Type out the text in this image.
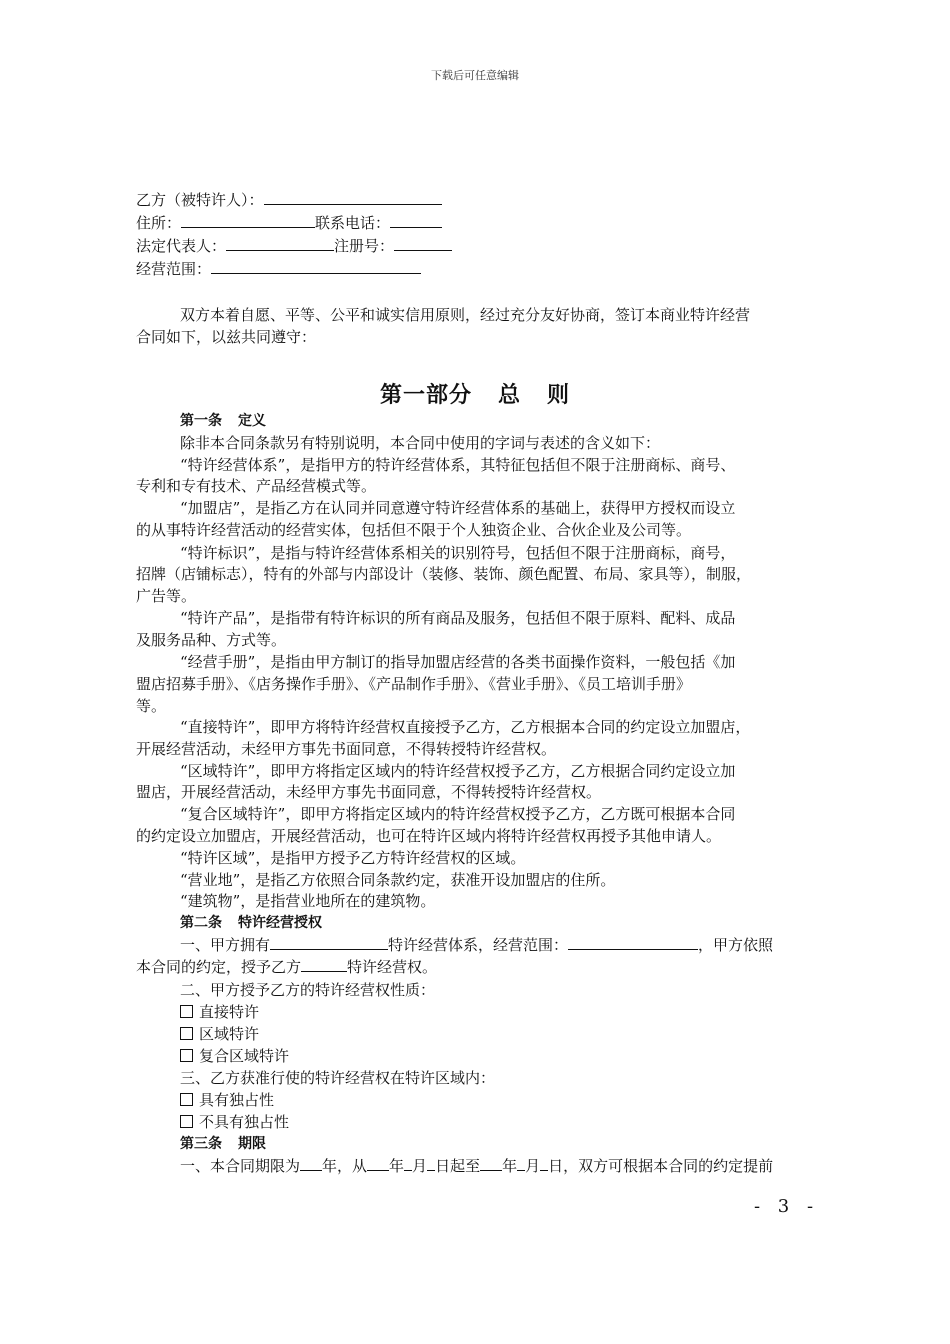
下载后可任意编辑
乙方（被特许人）：
住所：	联系电话：
法定代表人：	注册号：
经营范围：
双方本着自愿、平等、公平和诚实信用原则，经过充分友好协商，签订本商业特许经营
合同如下，以兹共同遵守：
第一部分 总 则
第一条 定义
除非本合同条款另有特别说明，本合同中使用的字词与表述的含义如下：
“特许经营体系”，是指甲方的特许经营体系，其特征包括但不限于注册商标、商号、
专利和专有技术、产品经营模式等。
“加盟店”，是指乙方在认同并同意遵守特许经营体系的基础上，获得甲方授权而设立
的从事特许经营活动的经营实体，包括但不限于个人独资企业、合伙企业及公司等。
“特许标识”，是指与特许经营体系相关的识别符号，包括但不限于注册商标，商号，
招牌（店铺标志），特有的外部与内部设计（装修、装饰、颜色配置、布局、家具等），制服，
广告等。
“特许产品”，是指带有特许标识的所有商品及服务，包括但不限于原料、配料、成品
及服务品种、方式等。
“经营手册”，是指由甲方制订的指导加盟店经营的各类书面操作资料，一般包括《加
盟店招募手册》、《店务操作手册》、《产品制作手册》、《营业手册》、《员工培训手册》
等。
“直接特许”，即甲方将特许经营权直接授予乙方，乙方根据本合同的约定设立加盟店，
开展经营活动，未经甲方事先书面同意，不得转授特许经营权。
“区域特许”，即甲方将指定区域内的特许经营权授予乙方，乙方根据合同约定设立加
盟店，开展经营活动，未经甲方事先书面同意，不得转授特许经营权。
“复合区域特许”，即甲方将指定区域内的特许经营权授予乙方，乙方既可根据本合同
的约定设立加盟店，开展经营活动，也可在特许区域内将特许经营权再授予其他申请人。
“特许区域”，是指甲方授予乙方特许经营权的区域。
“营业地”，是指乙方依照合同条款约定，获准开设加盟店的住所。
“建筑物”，是指营业地所在的建筑物。
第二条 特许经营授权
一、甲方拥有	特许经营体系，经营范围：	，甲方依照
本合同的约定，授予乙方	特许经营权。
二、甲方授予乙方的特许经营权性质：
直接特许
区域特许
复合区域特许
三、乙方获准行使的特许经营权在特许区域内：
具有独占性
不具有独占性
第三条 期限
一、本合同期限为 年，从 年 月 日起至 年 月 日，双方可根据本合同的约定提前
- 3 -
